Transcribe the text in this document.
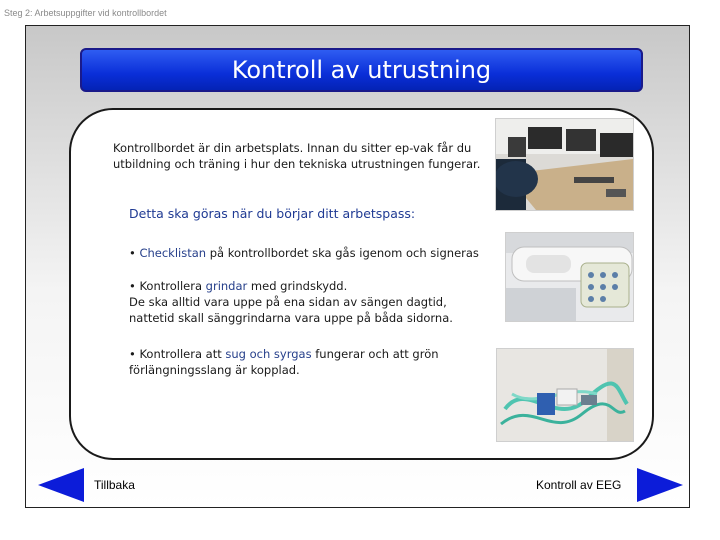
Steg 2: Arbetsuppgifter vid kontrollbordet
Kontroll av utrustning
Kontrollbordet är din arbetsplats. Innan du sitter ep-vak får du utbildning och träning i hur den tekniska utrustningen fungerar.
Detta ska göras när du börjar ditt arbetspass:
• Checklistan på kontrollbordet ska gås igenom och signeras
• Kontrollera grindar med grindskydd.
De ska alltid vara uppe på ena sidan av sängen dagtid,
nattetid skall sänggrindarna vara uppe på båda sidorna.
• Kontrollera att sug och syrgas fungerar och att grön
förlängningsslang är kopplad.
Tillbaka	Kontroll av EEG
